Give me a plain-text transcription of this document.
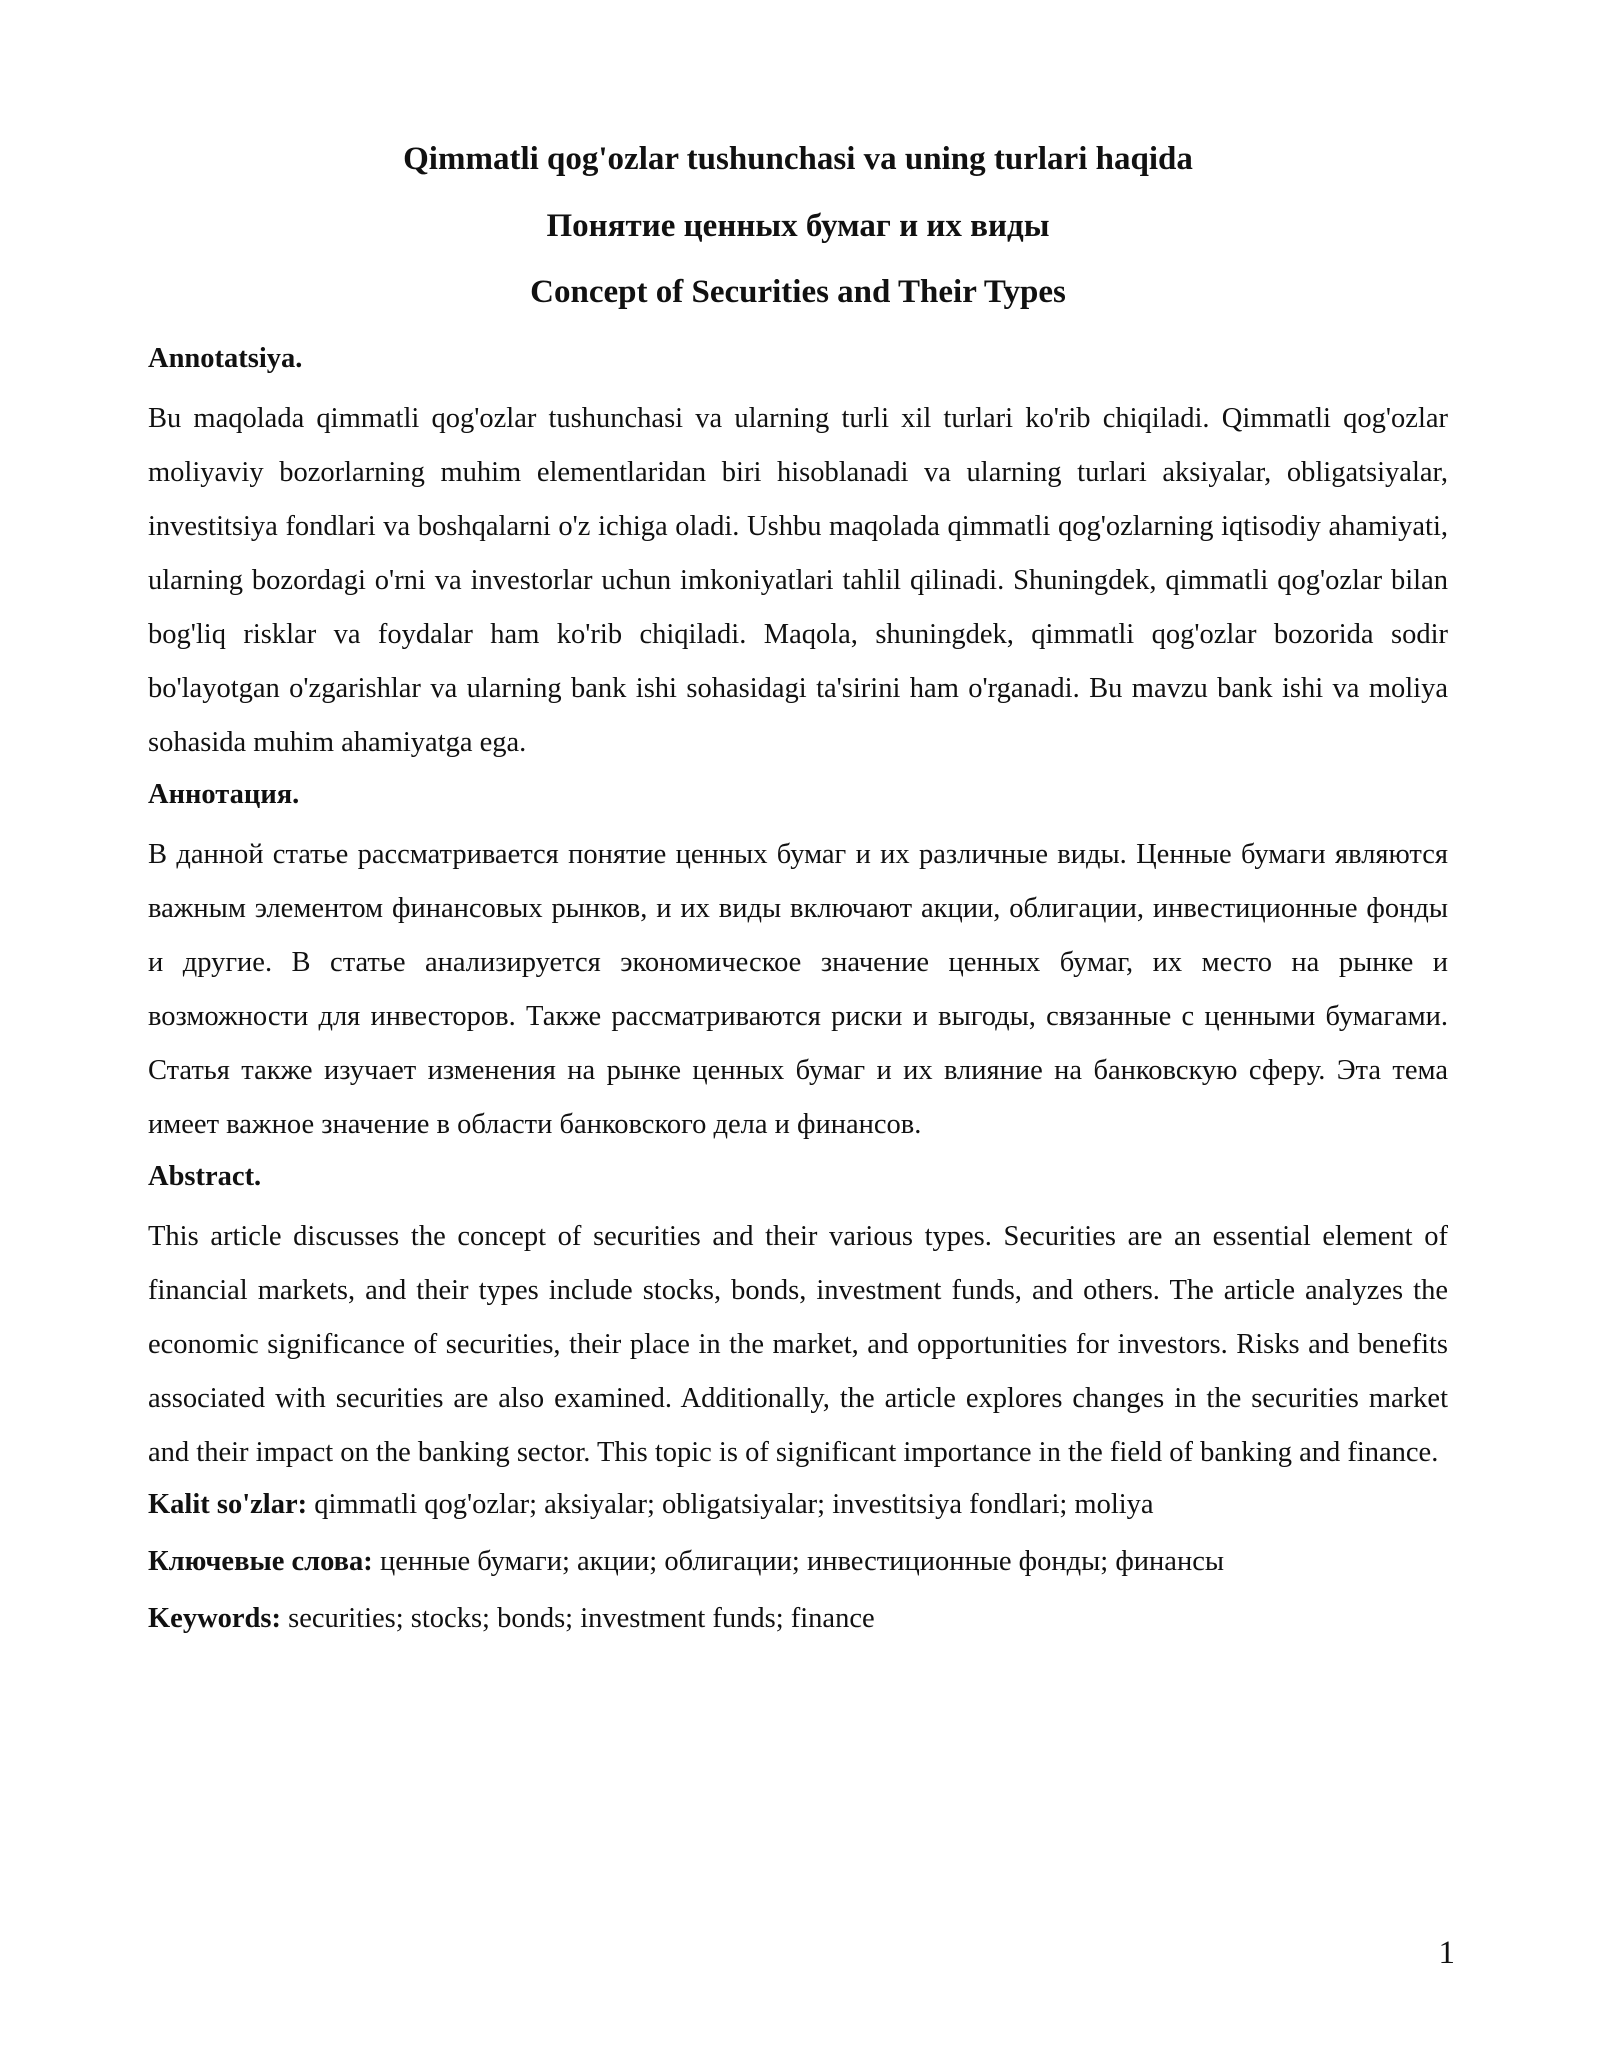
Qimmatli qog'ozlar tushunchasi va uning turlari haqida
Понятие ценных бумаг и их виды
Concept of Securities and Their Types

Annotatsiya.

Bu maqolada qimmatli qog'ozlar tushunchasi va ularning turli xil turlari ko'rib chiqiladi. Qimmatli qog'ozlar moliyaviy bozorlarning muhim elementlaridan biri hisoblanadi va ularning turlari aksiyalar, obligatsiyalar, investitsiya fondlari va boshqalarni o'z ichiga oladi. Ushbu maqolada qimmatli qog'ozlarning iqtisodiy ahamiyati, ularning bozordagi o'rni va investorlar uchun imkoniyatlari tahlil qilinadi. Shuningdek, qimmatli qog'ozlar bilan bog'liq risklar va foydalar ham ko'rib chiqiladi. Maqola, shuningdek, qimmatli qog'ozlar bozorida sodir bo'layotgan o'zgarishlar va ularning bank ishi sohasidagi ta'sirini ham o'rganadi. Bu mavzu bank ishi va moliya sohasida muhim ahamiyatga ega.

Аннотация.

В данной статье рассматривается понятие ценных бумаг и их различные виды. Ценные бумаги являются важным элементом финансовых рынков, и их виды включают акции, облигации, инвестиционные фонды и другие. В статье анализируется экономическое значение ценных бумаг, их место на рынке и возможности для инвесторов. Также рассматриваются риски и выгоды, связанные с ценными бумагами. Статья также изучает изменения на рынке ценных бумаг и их влияние на банковскую сферу. Эта тема имеет важное значение в области банковского дела и финансов.

Abstract.

This article discusses the concept of securities and their various types. Securities are an essential element of financial markets, and their types include stocks, bonds, investment funds, and others. The article analyzes the economic significance of securities, their place in the market, and opportunities for investors. Risks and benefits associated with securities are also examined. Additionally, the article explores changes in the securities market and their impact on the banking sector. This topic is of significant importance in the field of banking and finance.

Kalit so'zlar: qimmatli qog'ozlar; aksiyalar; obligatsiyalar; investitsiya fondlari; moliya

Ключевые слова: ценные бумаги; акции; облигации; инвестиционные фонды; финансы

Keywords: securities; stocks; bonds; investment funds; finance

1
